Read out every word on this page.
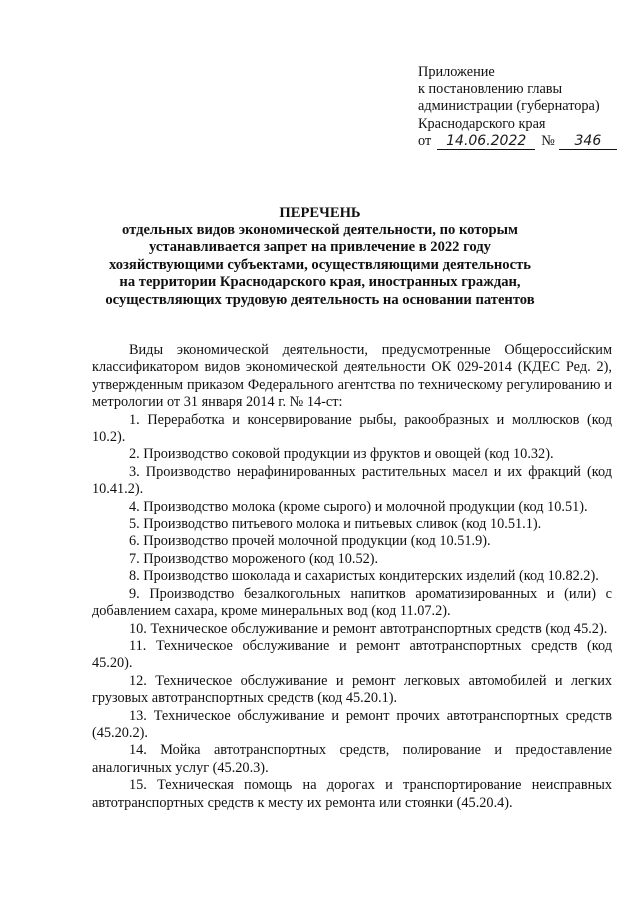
Приложение
к постановлению главы
администрации (губернатора)
Краснодарского края
от 14.06.2022 № 346
ПЕРЕЧЕНЬ
отдельных видов экономической деятельности, по которым
устанавливается запрет на привлечение в 2022 году
хозяйствующими субъектами, осуществляющими деятельность
на территории Краснодарского края, иностранных граждан,
осуществляющих трудовую деятельность на основании патентов

Виды экономической деятельности, предусмотренные Общероссийским классификатором видов экономической деятельности ОК 029-2014 (КДЕС Ред. 2), утвержденным приказом Федерального агентства по техническому регулированию и метрологии от 31 января 2014 г. № 14-ст:

1. Переработка и консервирование рыбы, ракообразных и моллюсков (код 10.2).

2. Производство соковой продукции из фруктов и овощей (код 10.32).

3. Производство нерафинированных растительных масел и их фракций (код 10.41.2).

4. Производство молока (кроме сырого) и молочной продукции (код 10.51).

5. Производство питьевого молока и питьевых сливок (код 10.51.1).

6. Производство прочей молочной продукции (код 10.51.9).

7. Производство мороженого (код 10.52).

8. Производство шоколада и сахаристых кондитерских изделий (код 10.82.2).

9. Производство безалкогольных напитков ароматизированных и (или) с добавлением сахара, кроме минеральных вод (код 11.07.2).

10. Техническое обслуживание и ремонт автотранспортных средств (код 45.2).

11. Техническое обслуживание и ремонт автотранспортных средств (код 45.20).

12. Техническое обслуживание и ремонт легковых автомобилей и легких грузовых автотранспортных средств (код 45.20.1).

13. Техническое обслуживание и ремонт прочих автотранспортных средств (45.20.2).

14. Мойка автотранспортных средств, полирование и предоставление аналогичных услуг (45.20.3).

15. Техническая помощь на дорогах и транспортирование неисправных автотранспортных средств к месту их ремонта или стоянки (45.20.4).
